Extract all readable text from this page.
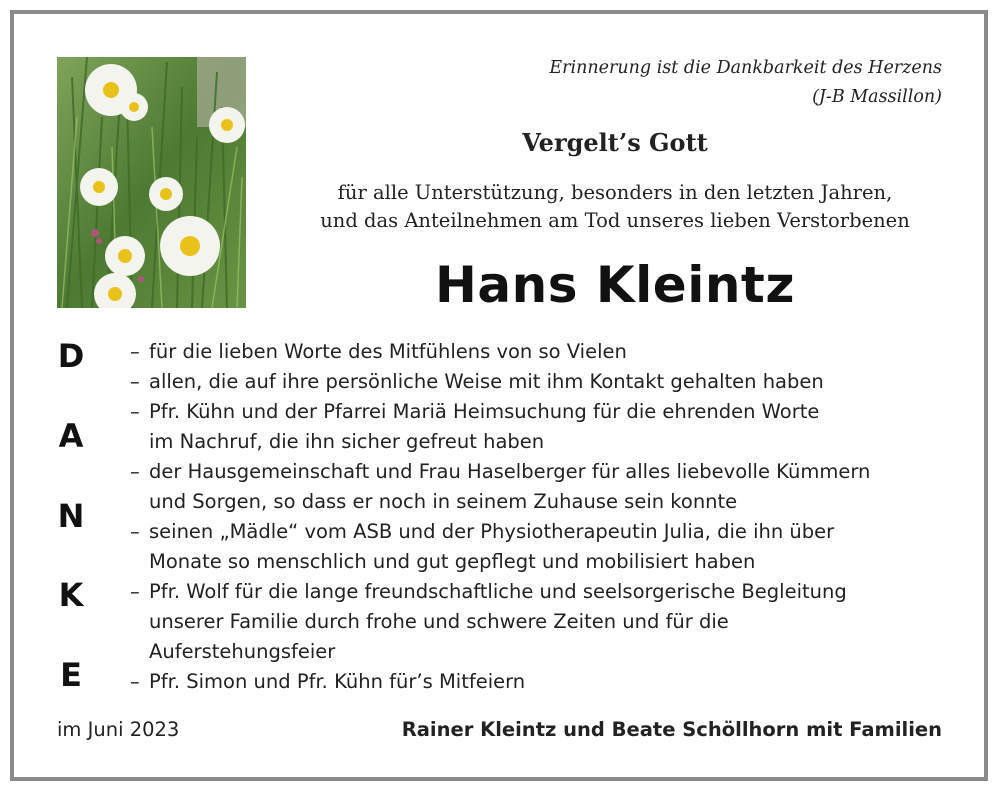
Erinnerung ist die Dankbarkeit des Herzens
(J-B Massillon)
Vergelt’s Gott
für alle Unterstützung, besonders in den letzten Jahren,
und das Anteilnehmen am Tod unseres lieben Verstorbenen
Hans Kleintz
D
A
N
K
E
– für die lieben Worte des Mitfühlens von so Vielen
– allen, die auf ihre persönliche Weise mit ihm Kontakt gehalten haben
– Pfr. Kühn und der Pfarrei Mariä Heimsuchung für die ehrenden Worte
im Nachruf, die ihn sicher gefreut haben
– der Hausgemeinschaft und Frau Haselberger für alles liebevolle Kümmern
und Sorgen, so dass er noch in seinem Zuhause sein konnte
– seinen „Mädle“ vom ASB und der Physiotherapeutin Julia, die ihn über
Monate so menschlich und gut gepflegt und mobilisiert haben
– Pfr. Wolf für die lange freundschaftliche und seelsorgerische Begleitung
unserer Familie durch frohe und schwere Zeiten und für die
Auferstehungsfeier
– Pfr. Simon und Pfr. Kühn für’s Mitfeiern
im Juni 2023	Rainer Kleintz und Beate Schöllhorn mit Familien
